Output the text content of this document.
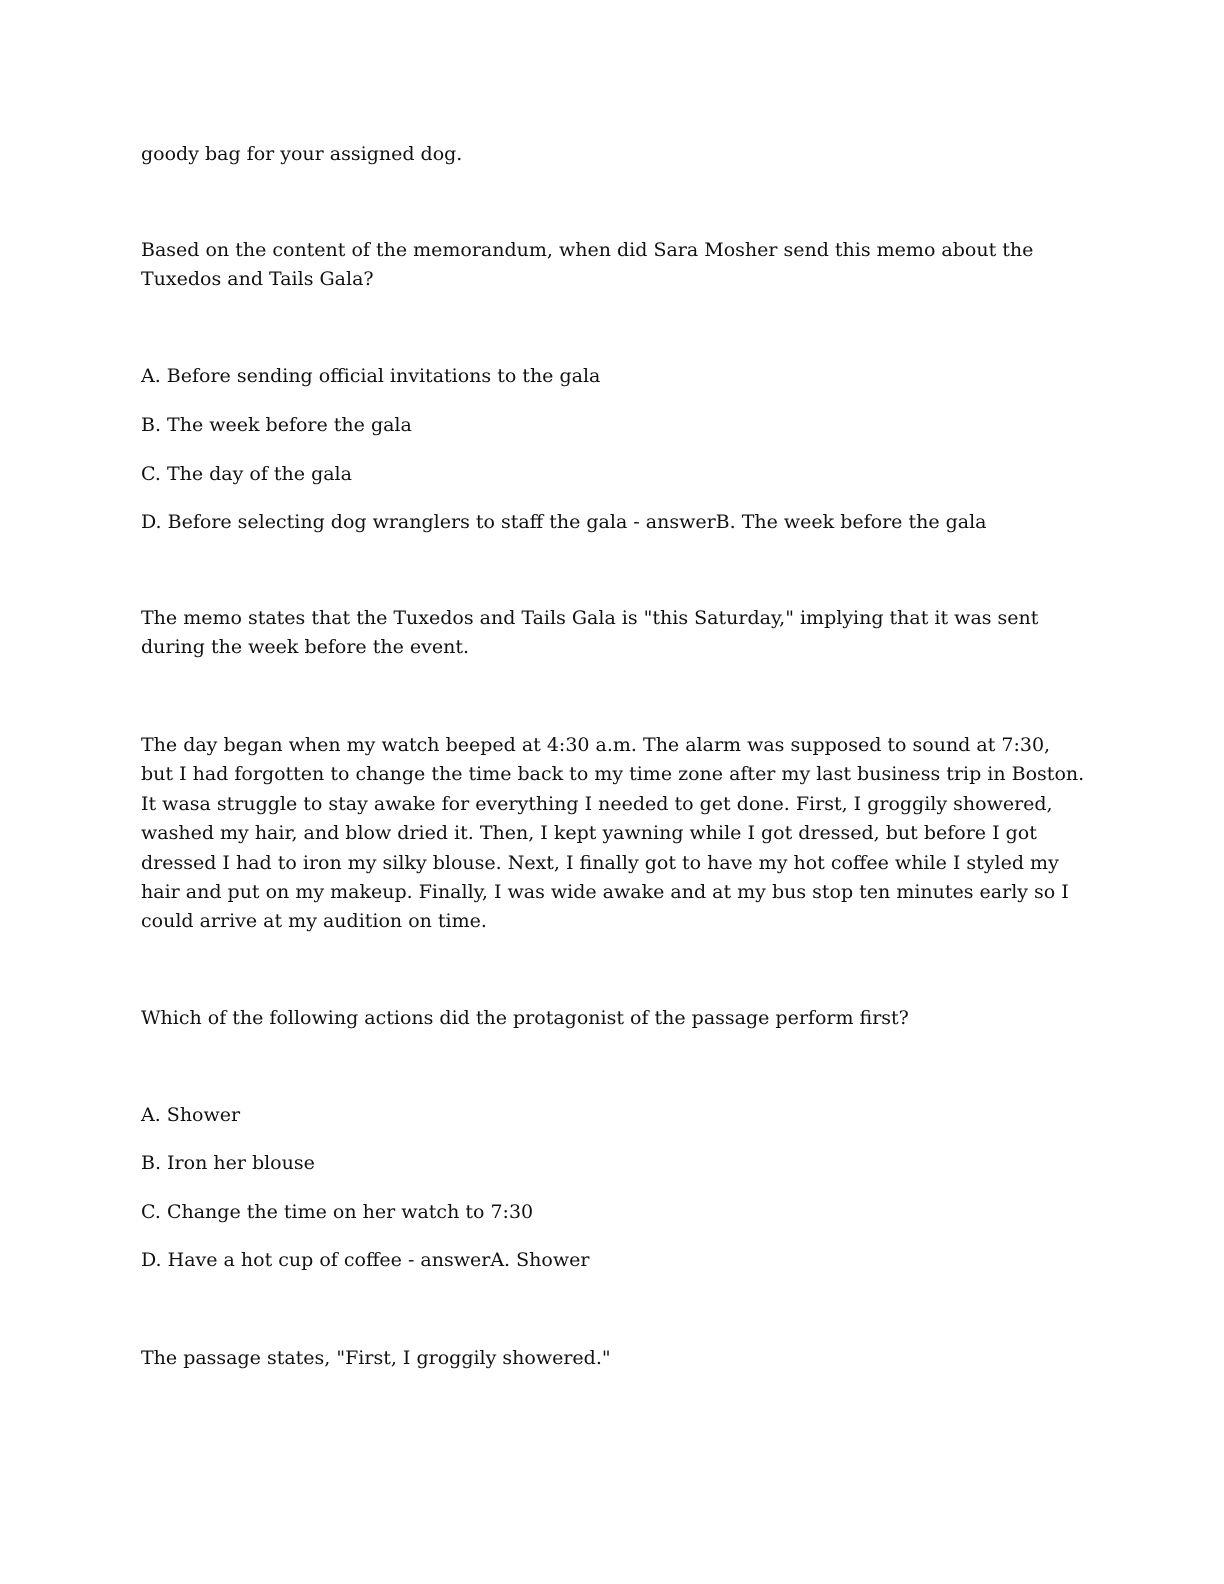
goody bag for your assigned dog.

Based on the content of the memorandum, when did Sara Mosher send this memo about the Tuxedos and Tails Gala?

A. Before sending official invitations to the gala

B. The week before the gala

C. The day of the gala

D. Before selecting dog wranglers to staff the gala - answerB. The week before the gala

The memo states that the Tuxedos and Tails Gala is "this Saturday," implying that it was sent during the week before the event.

The day began when my watch beeped at 4:30 a.m. The alarm was supposed to sound at 7:30, but I had forgotten to change the time back to my time zone after my last business trip in Boston. It wasa struggle to stay awake for everything I needed to get done. First, I groggily showered, washed my hair, and blow dried it. Then, I kept yawning while I got dressed, but before I got dressed I had to iron my silky blouse. Next, I finally got to have my hot coffee while I styled my hair and put on my makeup. Finally, I was wide awake and at my bus stop ten minutes early so I could arrive at my audition on time.

Which of the following actions did the protagonist of the passage perform first?

A. Shower

B. Iron her blouse

C. Change the time on her watch to 7:30

D. Have a hot cup of coffee - answerA. Shower

The passage states, "First, I groggily showered."
